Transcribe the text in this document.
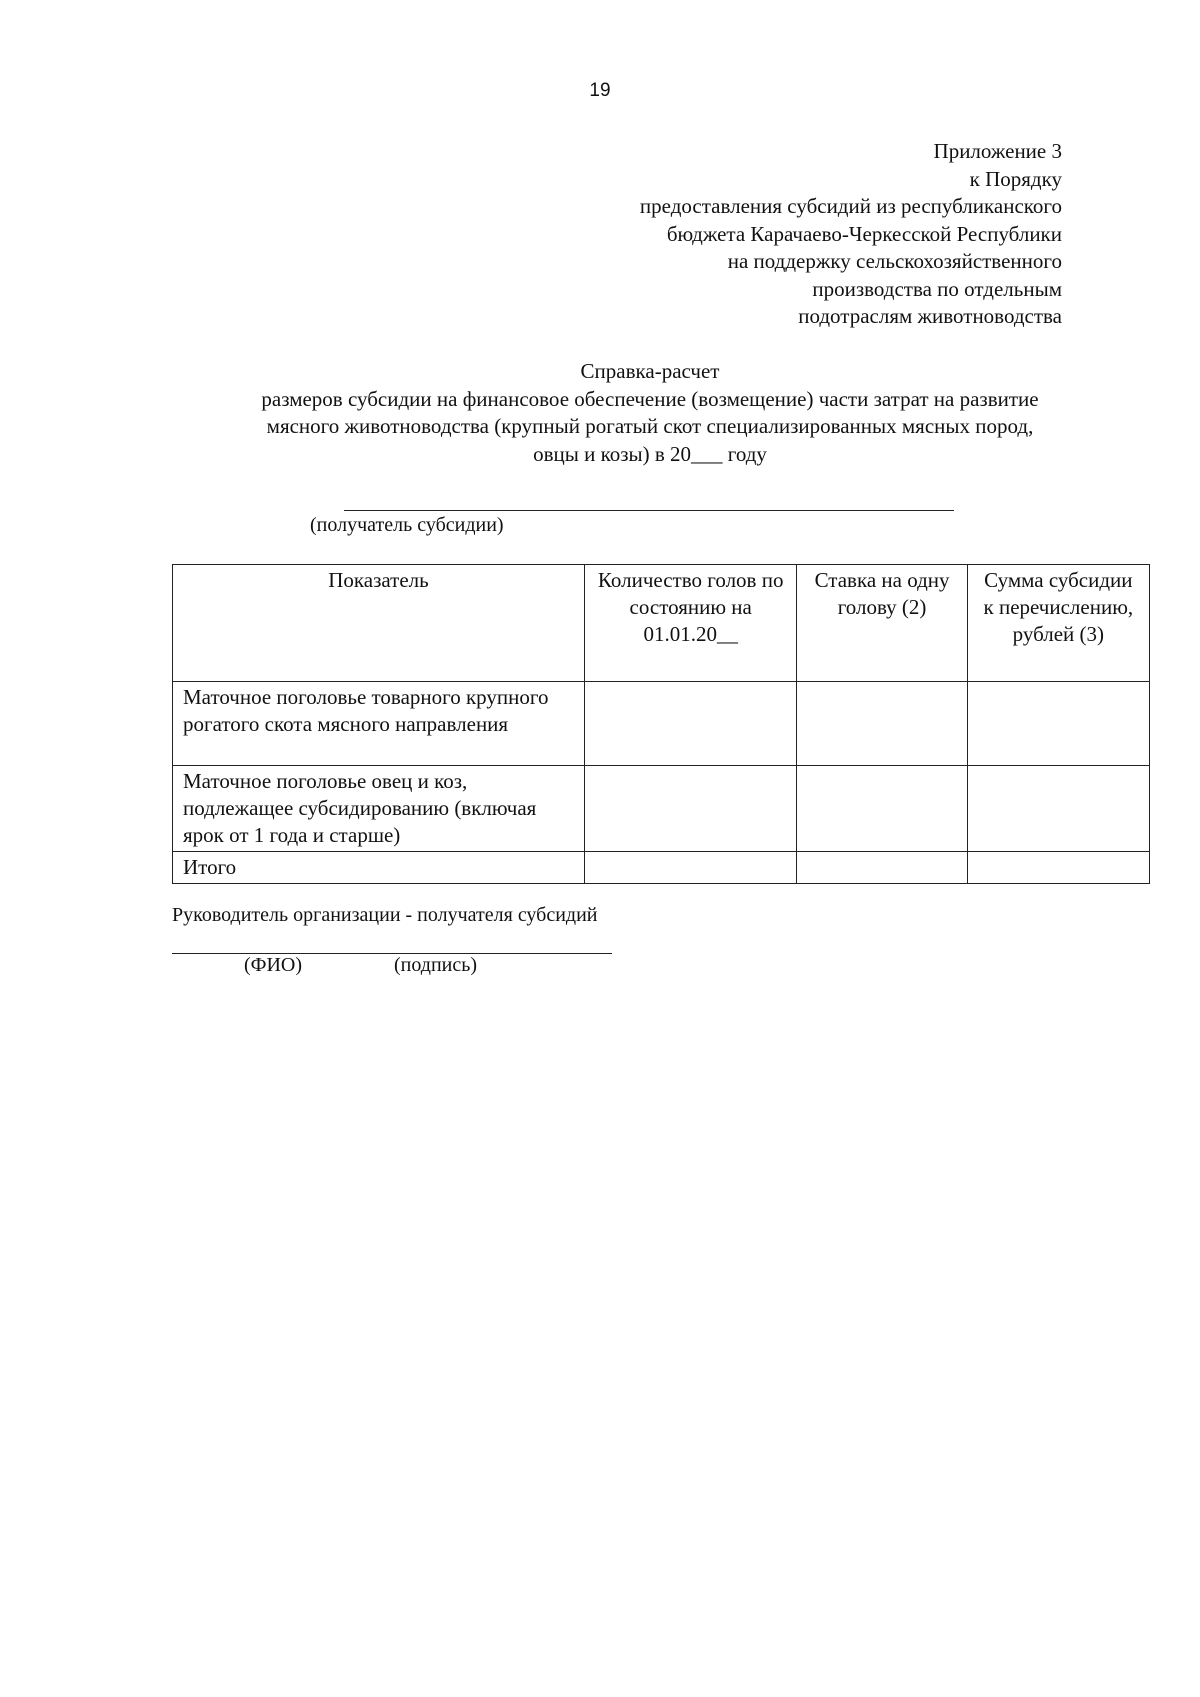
19
Приложение 3
к Порядку
предоставления субсидий из республиканского
бюджета Карачаево-Черкесской Республики
на поддержку сельскохозяйственного
производства по отдельным
подотраслям животноводства
Справка-расчет
размеров субсидии на финансовое обеспечение (возмещение) части затрат на развитие
мясного животноводства (крупный рогатый скот специализированных мясных пород,
овцы и козы) в 20___ году
(получатель субсидии)
Показатель	Количество голов по состоянию на 01.01.20__	Ставка на одну голову (2)	Сумма субсидии к перечислению, рублей (3)
Маточное поголовье товарного крупного рогатого скота мясного направления			
Маточное поголовье овец и коз, подлежащее субсидированию (включая ярок от 1 года и старше)			
Итого			
Руководитель организации - получателя субсидий
(ФИО)	(подпись)
